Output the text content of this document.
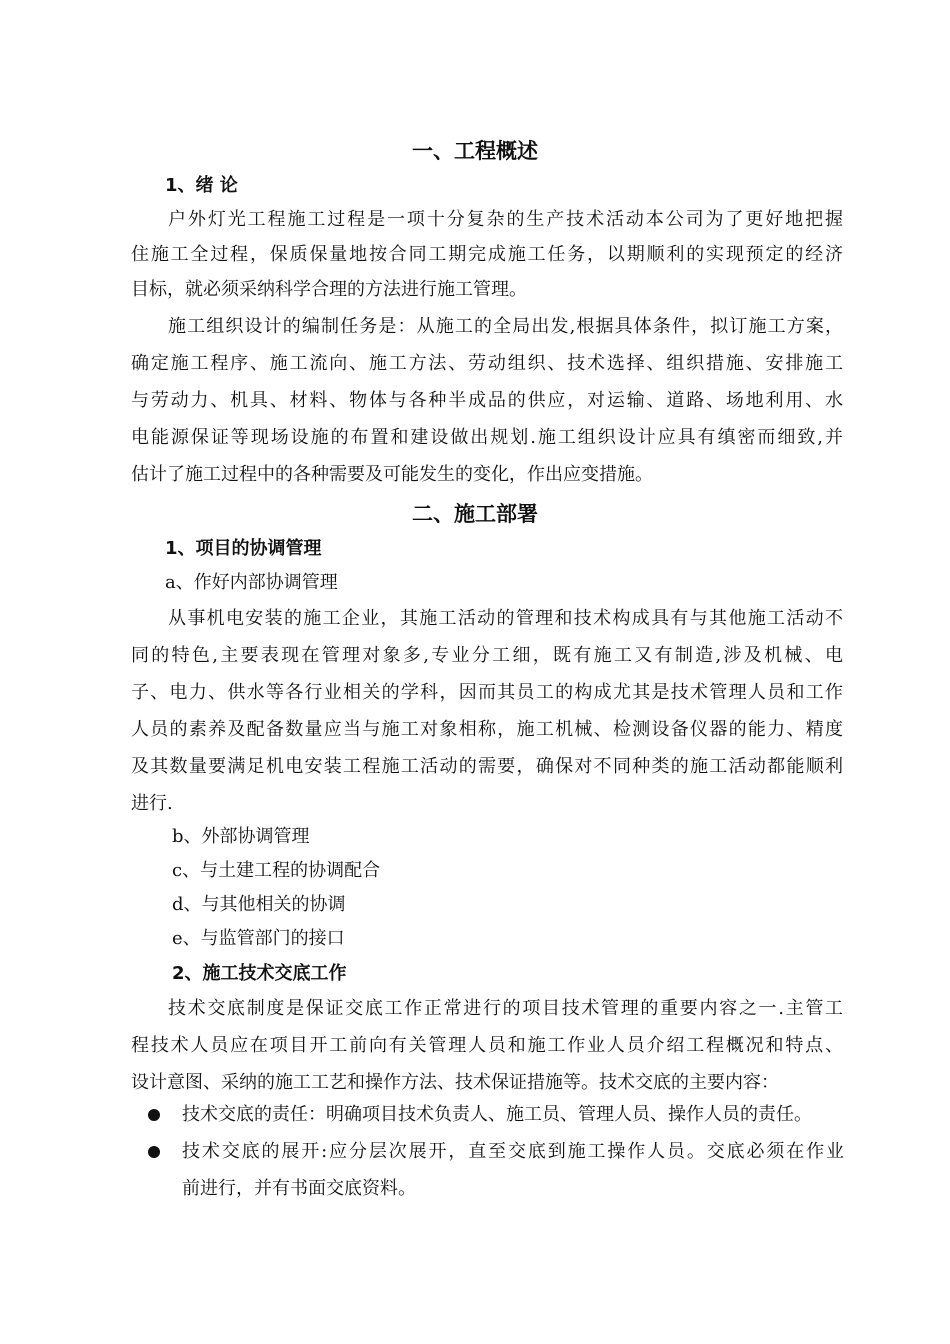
一、工程概述
1、绪 论
户外灯光工程施工过程是一项十分复杂的生产技术活动本公司为了更好地把握
住施工全过程，保质保量地按合同工期完成施工任务，以期顺利的实现预定的经济
目标，就必须采纳科学合理的方法进行施工管理。
施工组织设计的编制任务是：从施工的全局出发,根据具体条件，拟订施工方案，
确定施工程序、施工流向、施工方法、劳动组织、技术选择、组织措施、安排施工
与劳动力、机具、材料、物体与各种半成品的供应，对运输、道路、场地利用、水
电能源保证等现场设施的布置和建设做出规划.施工组织设计应具有缜密而细致,并
估计了施工过程中的各种需要及可能发生的变化，作出应变措施。
二、施工部署
1、项目的协调管理
a、作好内部协调管理
从事机电安装的施工企业，其施工活动的管理和技术构成具有与其他施工活动不
同的特色,主要表现在管理对象多,专业分工细，既有施工又有制造,涉及机械、电
子、电力、供水等各行业相关的学科，因而其员工的构成尤其是技术管理人员和工作
人员的素养及配备数量应当与施工对象相称，施工机械、检测设备仪器的能力、精度
及其数量要满足机电安装工程施工活动的需要，确保对不同种类的施工活动都能顺利
进行.
b、外部协调管理
c、与土建工程的协调配合
d、与其他相关的协调
e、与监管部门的接口
2、施工技术交底工作
技术交底制度是保证交底工作正常进行的项目技术管理的重要内容之一.主管工
程技术人员应在项目开工前向有关管理人员和施工作业人员介绍工程概况和特点、
设计意图、采纳的施工工艺和操作方法、技术保证措施等。技术交底的主要内容：
技术交底的责任：明确项目技术负责人、施工员、管理人员、操作人员的责任。
技术交底的展开:应分层次展开，直至交底到施工操作人员。交底必须在作业
前进行，并有书面交底资料。
